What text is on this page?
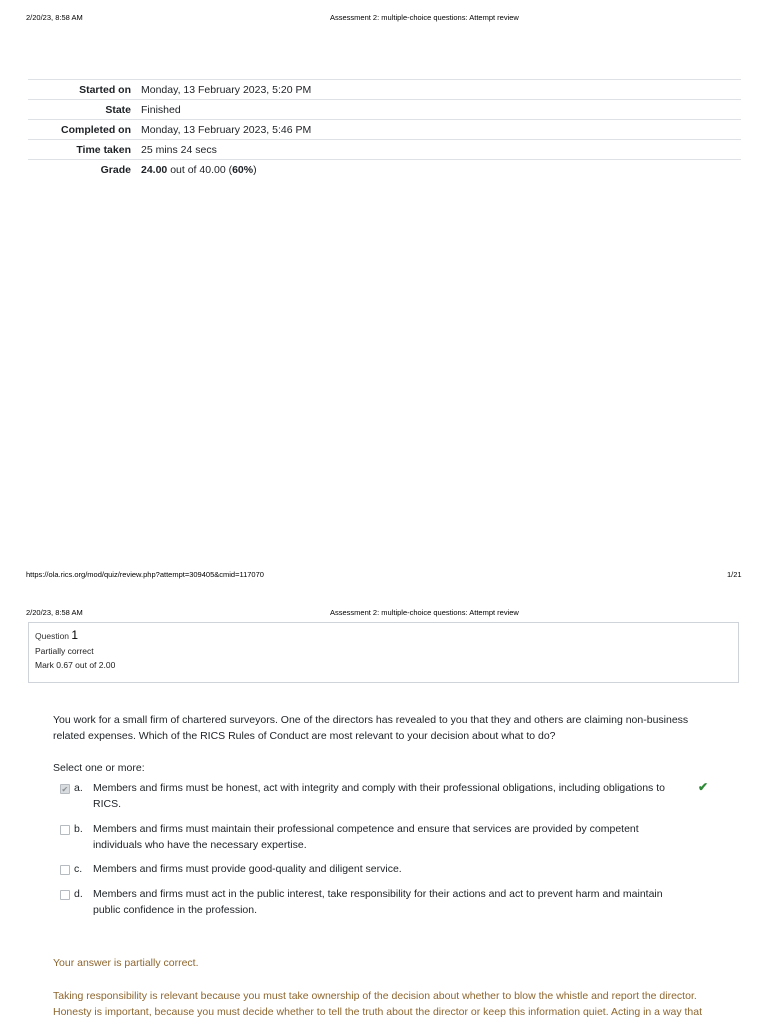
2/20/23, 8:58 AM	Assessment 2: multiple-choice questions: Attempt review
Started on	Monday, 13 February 2023, 5:20 PM
State	Finished
Completed on	Monday, 13 February 2023, 5:46 PM
Time taken	25 mins 24 secs
Grade	24.00 out of 40.00 (60%)
https://ola.rics.org/mod/quiz/review.php?attempt=309405&cmid=117070	1/21
2/20/23, 8:58 AM	Assessment 2: multiple-choice questions: Attempt review
Question 1
Partially correct
Mark 0.67 out of 2.00
You work for a small firm of chartered surveyors. One of the directors has revealed to you that they and others are claiming non-business related expenses. Which of the RICS Rules of Conduct are most relevant to your decision about what to do?
Select one or more:
✔
a. Members and firms must be honest, act with integrity and comply with their professional obligations, including obligations to RICS.
✔
b. Members and firms must maintain their professional competence and ensure that services are provided by competent individuals who have the necessary expertise.
c. Members and firms must provide good-quality and diligent service.
d. Members and firms must act in the public interest, take responsibility for their actions and act to prevent harm and maintain public confidence in the profession.
Your answer is partially correct.
Taking responsibility is relevant because you must take ownership of the decision about whether to blow the whistle and report the director. Honesty is important, because you must decide whether to tell the truth about the director or keep this information quiet. Acting in a way that
